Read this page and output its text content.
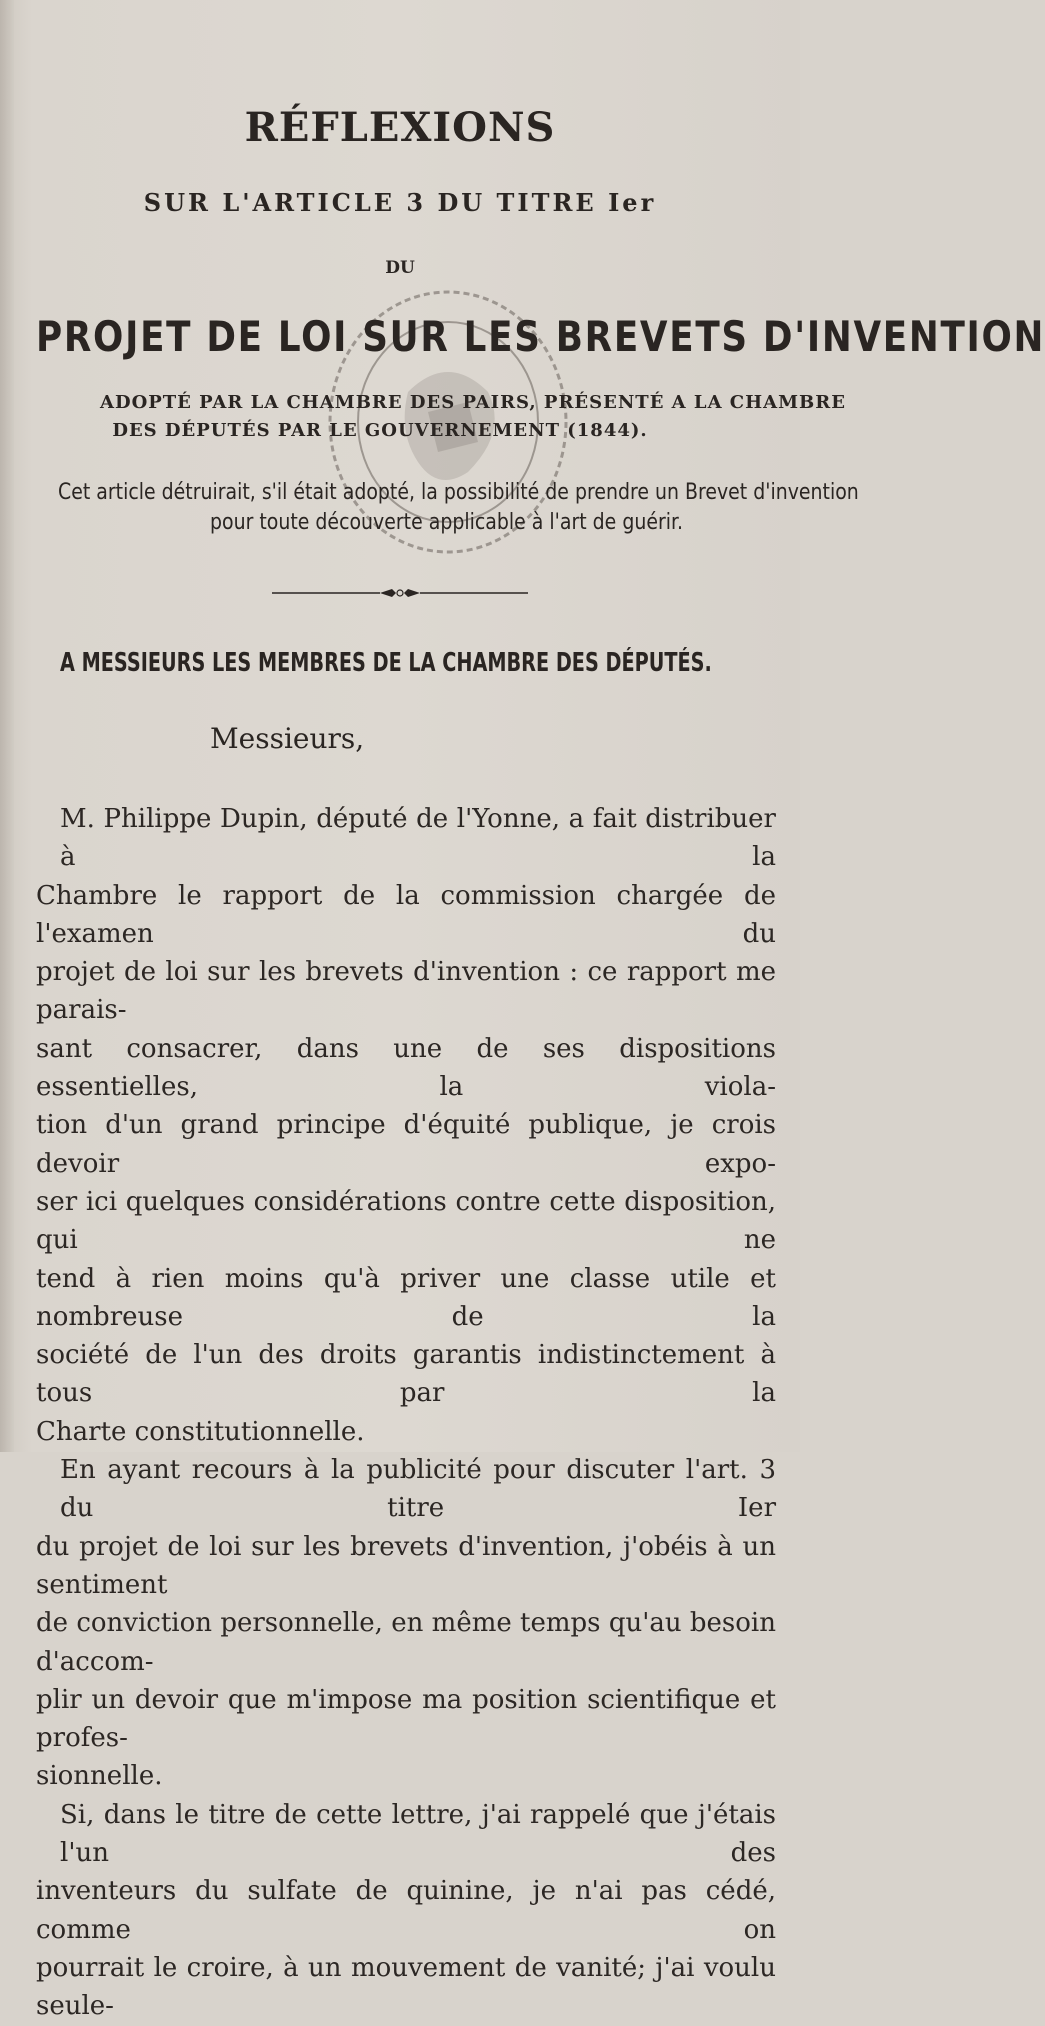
RÉFLEXIONS
SUR L'ARTICLE 3 DU TITRE Ier
DU
PROJET DE LOI SUR LES BREVETS D'INVENTION
ADOPTÉ PAR LA CHAMBRE DES PAIRS, PRÉSENTÉ A LA CHAMBRE
DES DÉPUTÉS PAR LE GOUVERNEMENT (1844).
Cet article détruirait, s'il était adopté, la possibilité de prendre un Brevet d'invention
pour toute découverte applicable à l'art de guérir.
A MESSIEURS LES MEMBRES DE LA CHAMBRE DES DÉPUTÉS.
Messieurs,
M. Philippe Dupin, député de l'Yonne, a fait distribuer à la
Chambre le rapport de la commission chargée de l'examen du
projet de loi sur les brevets d'invention : ce rapport me parais-
sant consacrer, dans une de ses dispositions essentielles, la viola-
tion d'un grand principe d'équité publique, je crois devoir expo-
ser ici quelques considérations contre cette disposition, qui ne
tend à rien moins qu'à priver une classe utile et nombreuse de la
société de l'un des droits garantis indistinctement à tous par la
Charte constitutionnelle.
En ayant recours à la publicité pour discuter l'art. 3 du titre Ier
du projet de loi sur les brevets d'invention, j'obéis à un sentiment
de conviction personnelle, en même temps qu'au besoin d'accom-
plir un devoir que m'impose ma position scientifique et profes-
sionnelle.
Si, dans le titre de cette lettre, j'ai rappelé que j'étais l'un des
inventeurs du sulfate de quinine, je n'ai pas cédé, comme on
pourrait le croire, à un mouvement de vanité; j'ai voulu seule-
